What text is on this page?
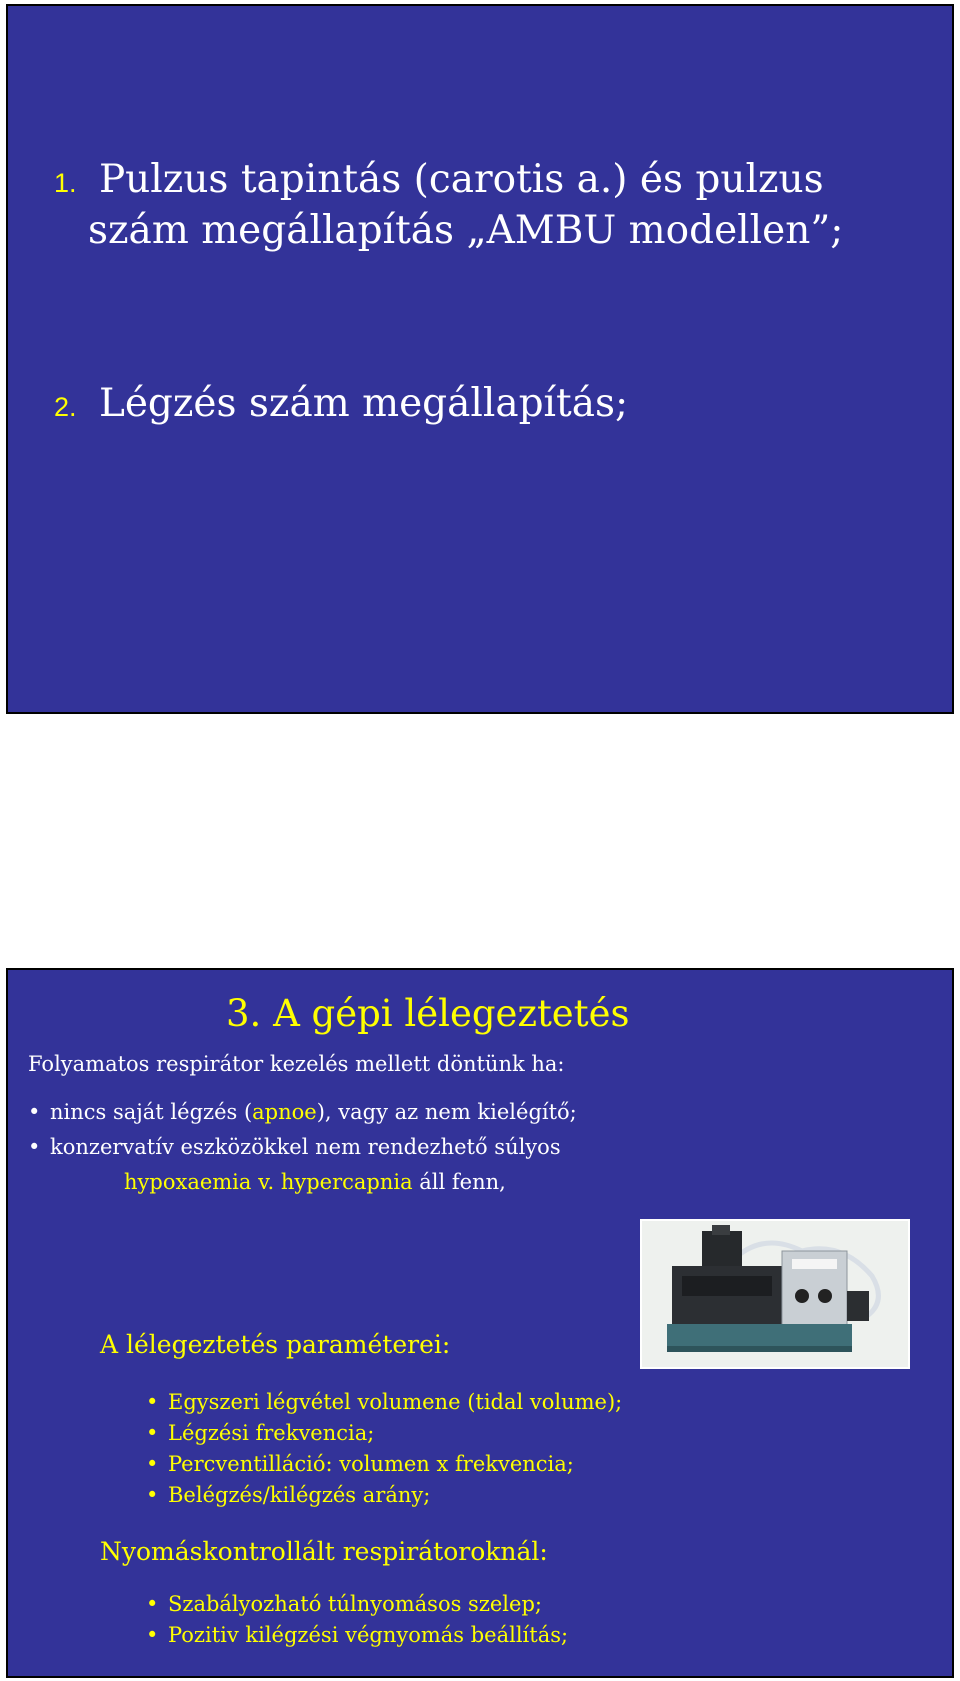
1. Pulzus tapintás (carotis a.) és pulzus
szám megállapítás „AMBU modellen”;
2. Légzés szám megállapítás;
3. A gépi lélegeztetés
Folyamatos respirátor kezelés mellett döntünk ha:
• nincs saját légzés (apnoe), vagy az nem kielégítő;
• konzervatív eszközökkel nem rendezhető súlyos
hypoxaemia v. hypercapnia áll fenn,
A lélegeztetés paraméterei:
• Egyszeri légvétel volumene (tidal volume);
• Légzési frekvencia;
• Percventilláció: volumen x frekvencia;
• Belégzés/kilégzés arány;
Nyomáskontrollált respirátoroknál:
• Szabályozható túlnyomásos szelep;
• Pozitiv kilégzési végnyomás beállítás;
